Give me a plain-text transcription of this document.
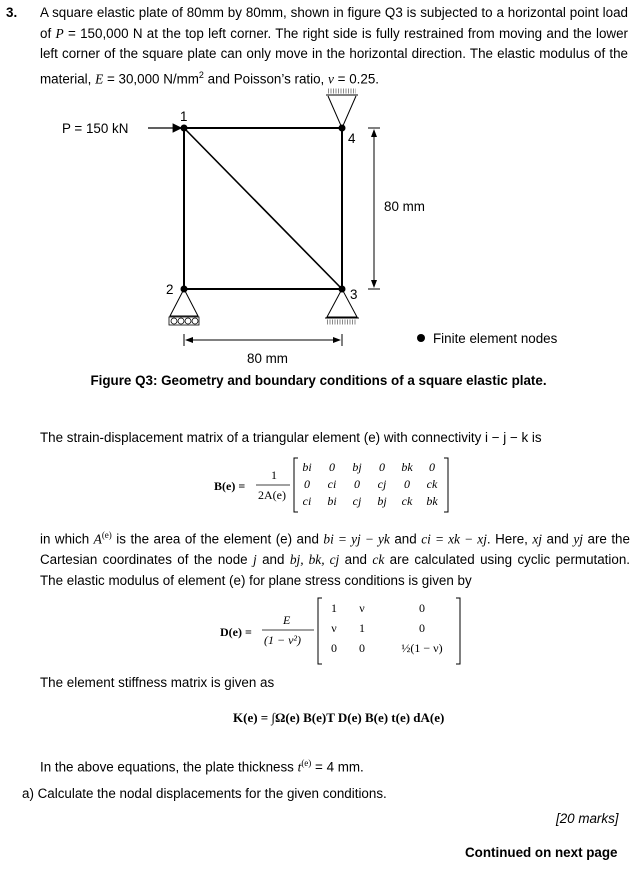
3. A square elastic plate of 80mm by 80mm, shown in figure Q3 is subjected to a horizontal point load of P = 150,000 N at the top left corner. The right side is fully restrained from moving and the lower left corner of the square plate can only move in the horizontal direction. The elastic modulus of the material, E = 30,000 $N/mm^2$ and Poisson’s ratio, ν = 0.25.

P = 150 kN
1
2	3
4
80 mm
80 mm
Finite element nodes
Figure Q3: Geometry and boundary conditions of a square elastic plate.
The strain-displacement matrix of a triangular element (e) with connectivity i − j − k is
B(e) =
1
2A(e)
bi 0 bj 0 bk 0
0 ci 0 cj 0 ck
ci bi cj bj ck bk
in which $A^{(e)}$ is the area of the element (e) and bi = yj − yk and ci = xk − xj. Here, xj and yj are the Cartesian coordinates of the node j and bj, bk, cj and ck are calculated using cyclic permutation. The elastic modulus of element (e) for plane stress conditions is given by
D(e) =
E
(1 − ν²)
1 ν	0
ν 1	0
0 0	½(1 − ν)
The element stiffness matrix is given as
K(e) = ∫Ω(e) B(e)T D(e) B(e) t(e) dA(e)
In the above equations, the plate thickness $t^{(e)} = 4$ mm.
a) Calculate the nodal displacements for the given conditions.
[20 marks]
Continued on next page
